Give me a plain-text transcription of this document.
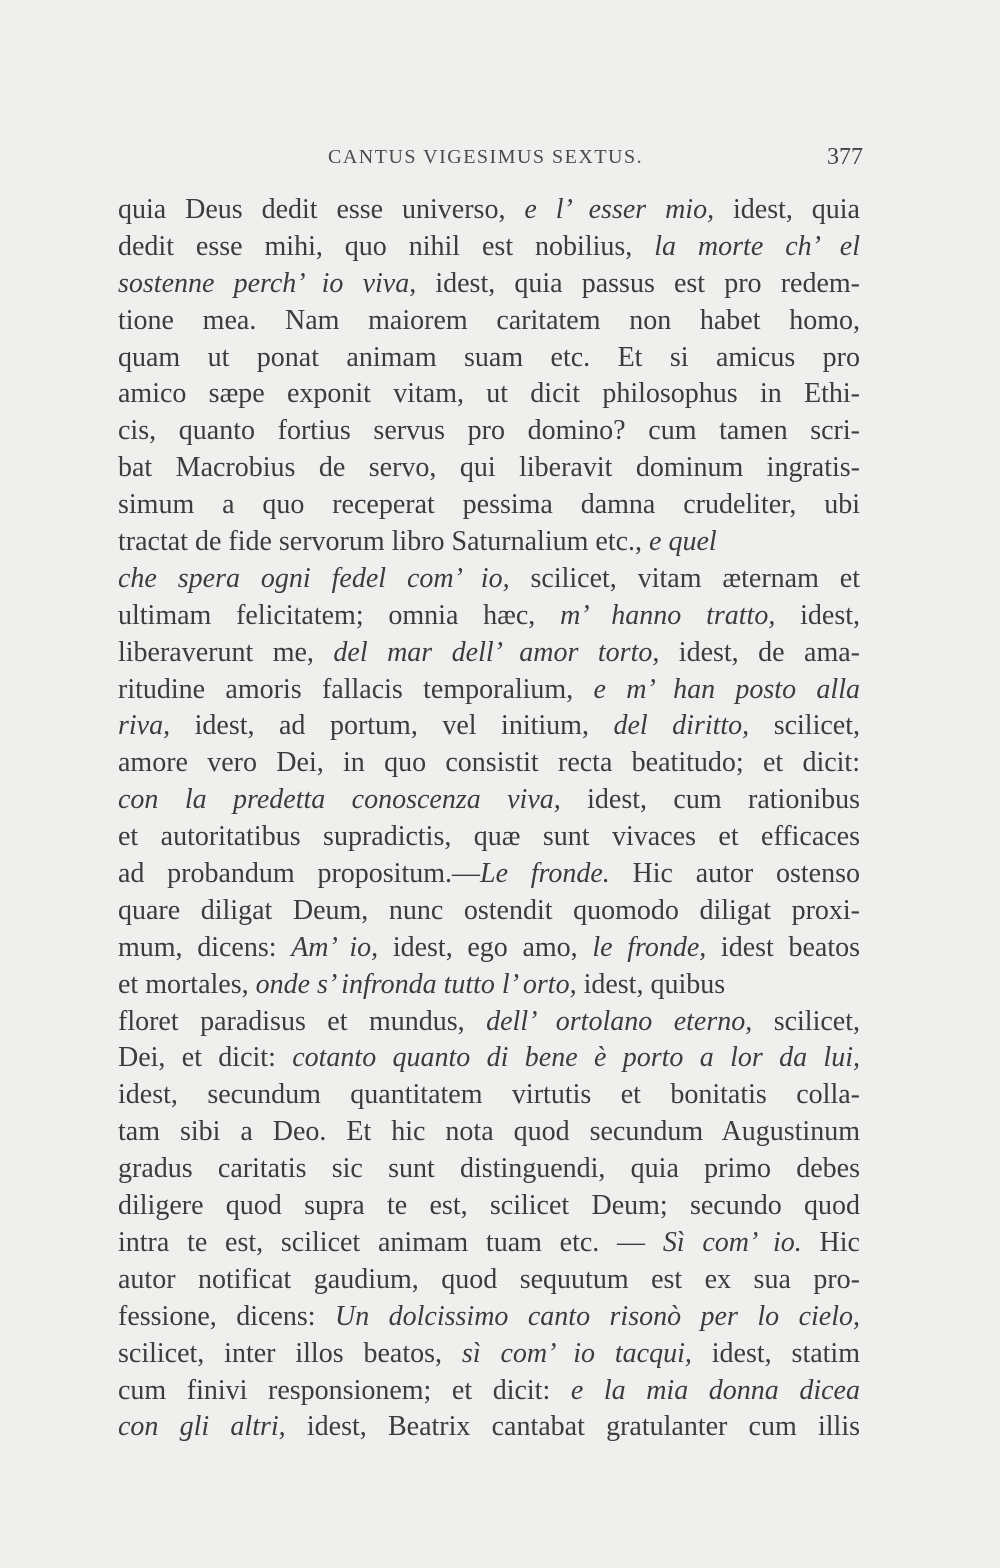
CANTUS VIGESIMUS SEXTUS.	377
quia Deus dedit esse universo, e l’ esser mio, idest, quia
dedit esse mihi, quo nihil est nobilius, la morte ch’ el
sostenne perch’ io viva, idest, quia passus est pro redem-
tione mea. Nam maiorem caritatem non habet homo,
quam ut ponat animam suam etc. Et si amicus pro
amico sæpe exponit vitam, ut dicit philosophus in Ethi-
cis, quanto fortius servus pro domino? cum tamen scri-
bat Macrobius de servo, qui liberavit dominum ingratis-
simum a quo receperat pessima damna crudeliter, ubi
tractat de fide servorum libro Saturnalium etc., e quel
che spera ogni fedel com’ io, scilicet, vitam æternam et
ultimam felicitatem; omnia hæc, m’ hanno tratto, idest,
liberaverunt me, del mar dell’ amor torto, idest, de ama-
ritudine amoris fallacis temporalium, e m’ han posto alla
riva, idest, ad portum, vel initium, del diritto, scilicet,
amore vero Dei, in quo consistit recta beatitudo; et dicit:
con la predetta conoscenza viva, idest, cum rationibus
et autoritatibus supradictis, quæ sunt vivaces et efficaces
ad probandum propositum.—Le fronde. Hic autor ostenso
quare diligat Deum, nunc ostendit quomodo diligat proxi-
mum, dicens: Am’ io, idest, ego amo, le fronde, idest beatos
et mortales, onde s’ infronda tutto l’ orto, idest, quibus
floret paradisus et mundus, dell’ ortolano eterno, scilicet,
Dei, et dicit: cotanto quanto di bene è porto a lor da lui,
idest, secundum quantitatem virtutis et bonitatis colla-
tam sibi a Deo. Et hic nota quod secundum Augustinum
gradus caritatis sic sunt distinguendi, quia primo debes
diligere quod supra te est, scilicet Deum; secundo quod
intra te est, scilicet animam tuam etc. — Sì com’ io. Hic
autor notificat gaudium, quod sequutum est ex sua pro-
fessione, dicens: Un dolcissimo canto risonò per lo cielo,
scilicet, inter illos beatos, sì com’ io tacqui, idest, statim
cum finivi responsionem; et dicit: e la mia donna dicea
con gli altri, idest, Beatrix cantabat gratulanter cum illis
